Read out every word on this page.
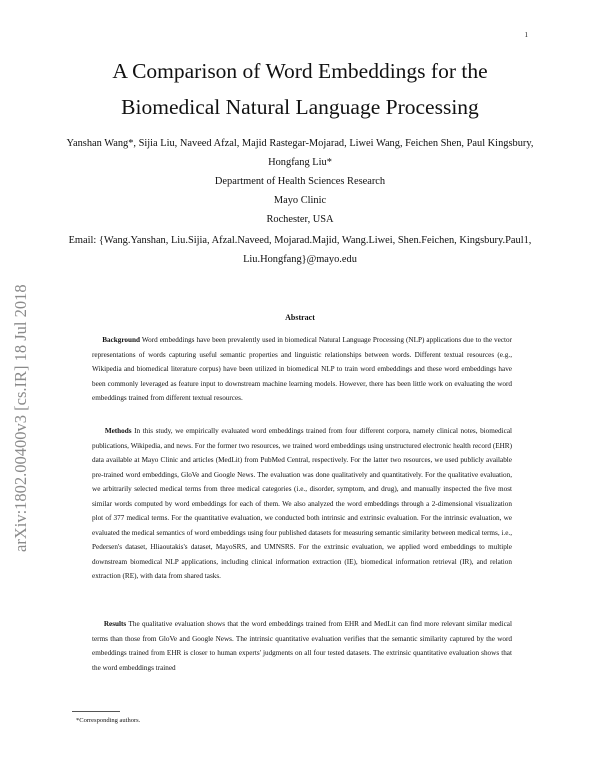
1
arXiv:1802.00400v3 [cs.IR] 18 Jul 2018
A Comparison of Word Embeddings for the
Biomedical Natural Language Processing
Yanshan Wang*, Sijia Liu, Naveed Afzal, Majid Rastegar-Mojarad, Liwei Wang, Feichen Shen, Paul Kingsbury, Hongfang Liu*
Department of Health Sciences Research
Mayo Clinic
Rochester, USA
Email: {Wang.Yanshan, Liu.Sijia, Afzal.Naveed, Mojarad.Majid, Wang.Liwei, Shen.Feichen, Kingsbury.Paul1, Liu.Hongfang}@mayo.edu
Abstract

Background Word embeddings have been prevalently used in biomedical Natural Language Processing (NLP) applications due to the vector representations of words capturing useful semantic properties and linguistic relationships between words. Different textual resources (e.g., Wikipedia and biomedical literature corpus) have been utilized in biomedical NLP to train word embeddings and these word embeddings have been commonly leveraged as feature input to downstream machine learning models. However, there has been little work on evaluating the word embeddings trained from different textual resources.

Methods In this study, we empirically evaluated word embeddings trained from four different corpora, namely clinical notes, biomedical publications, Wikipedia, and news. For the former two resources, we trained word embeddings using unstructured electronic health record (EHR) data available at Mayo Clinic and articles (MedLit) from PubMed Central, respectively. For the latter two resources, we used publicly available pre-trained word embeddings, GloVe and Google News. The evaluation was done qualitatively and quantitatively. For the qualitative evaluation, we arbitrarily selected medical terms from three medical categories (i.e., disorder, symptom, and drug), and manually inspected the five most similar words computed by word embeddings for each of them. We also analyzed the word embeddings through a 2-dimensional visualization plot of 377 medical terms. For the quantitative evaluation, we conducted both intrinsic and extrinsic evaluation. For the intrinsic evaluation, we evaluated the medical semantics of word embeddings using four published datasets for measuring semantic similarity between medical terms, i.e., Pedersen's dataset, Hliaoutakis's dataset, MayoSRS, and UMNSRS. For the extrinsic evaluation, we applied word embeddings to multiple downstream biomedical NLP applications, including clinical information extraction (IE), biomedical information retrieval (IR), and relation extraction (RE), with data from shared tasks.

Results The qualitative evaluation shows that the word embeddings trained from EHR and MedLit can find more relevant similar medical terms than those from GloVe and Google News. The intrinsic quantitative evaluation verifies that the semantic similarity captured by the word embeddings trained from EHR is closer to human experts' judgments on all four tested datasets. The extrinsic quantitative evaluation shows that the word embeddings trained

*Corresponding authors.
